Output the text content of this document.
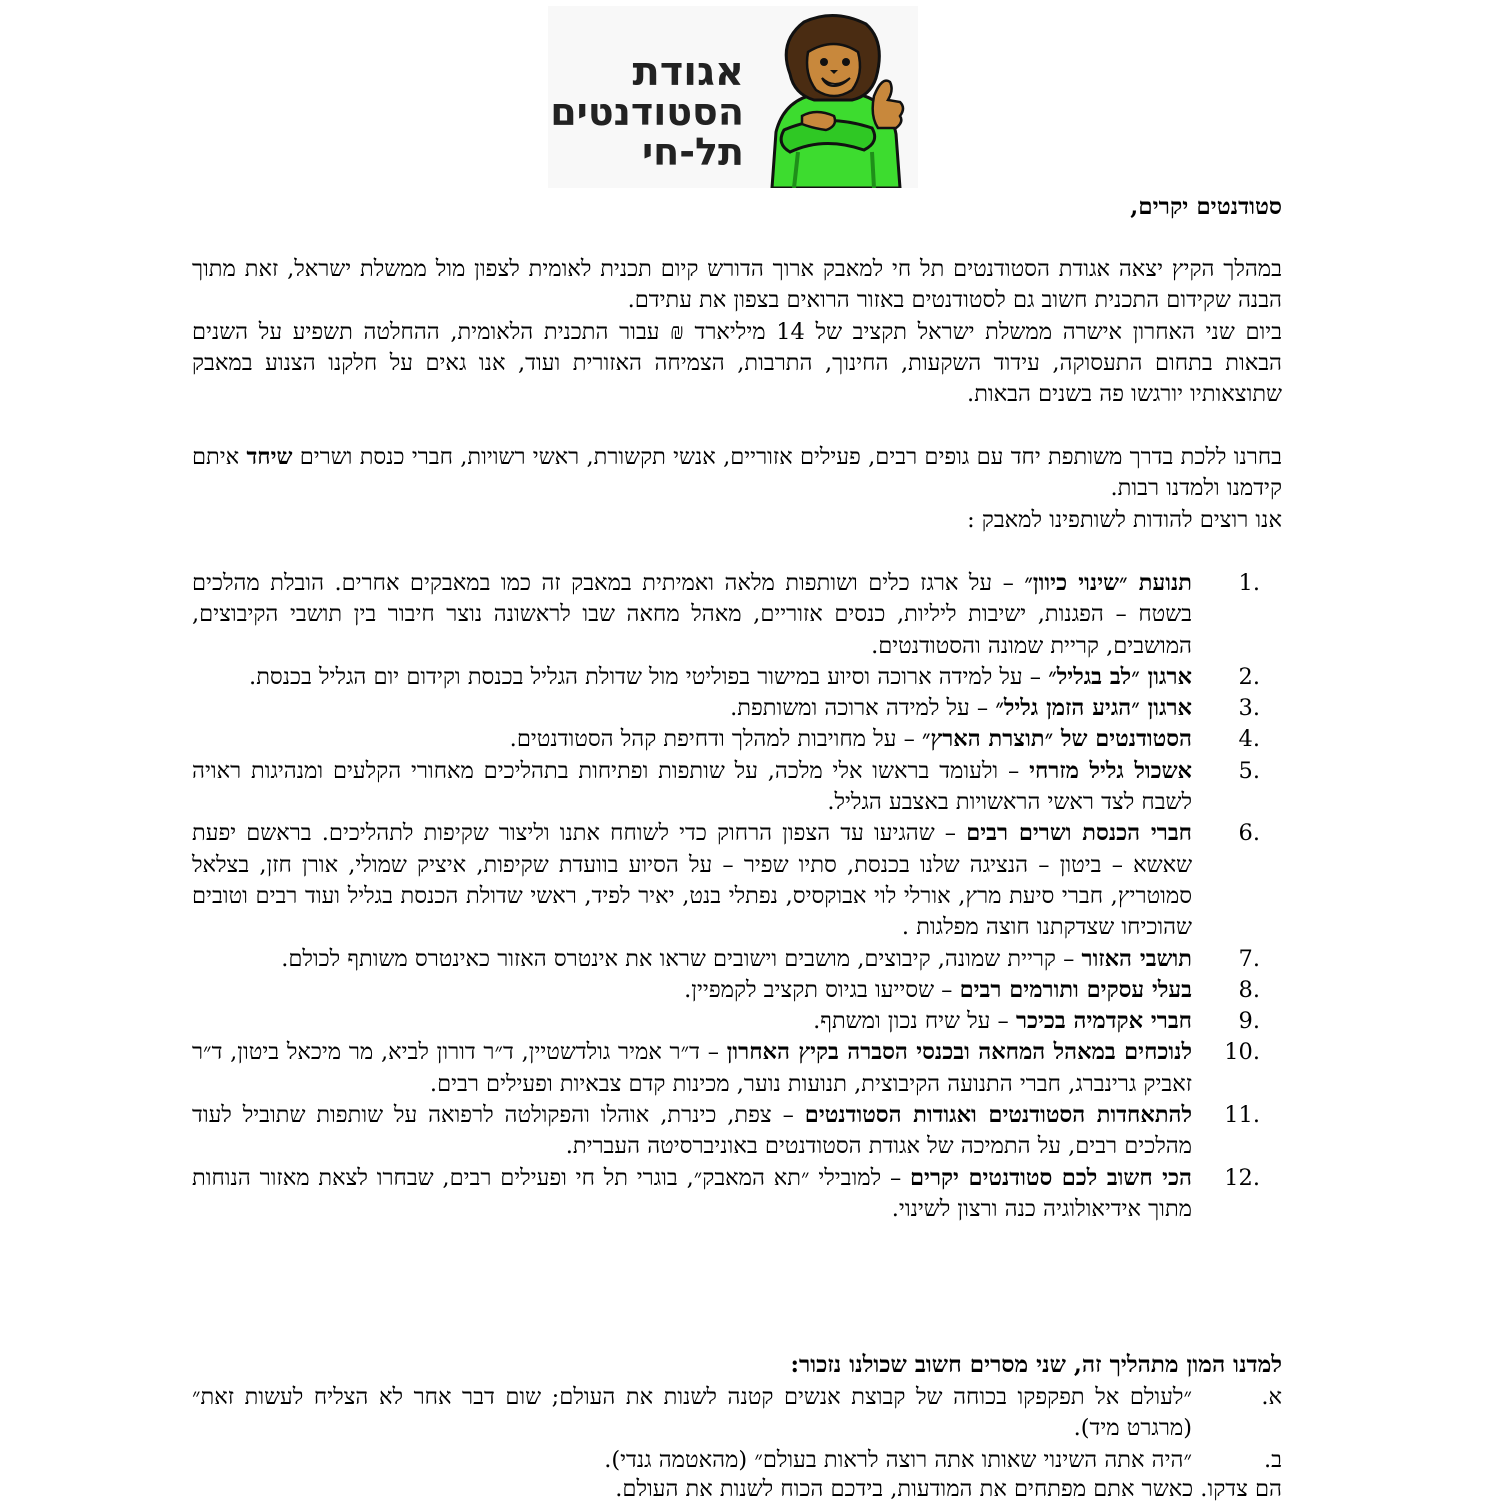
אגודת
הסטודנטים
תל-חי
סטודנטים יקרים,
במהלך הקיץ יצאה אגודת הסטודנטים תל חי למאבק ארוך הדורש קיום תכנית לאומית לצפון מול ממשלת ישראל, זאת מתוך הבנה שקידום התכנית חשוב גם לסטודנטים באזור הרואים בצפון את עתידם.
ביום שני האחרון אישרה ממשלת ישראל תקציב של 14 מיליארד ₪ עבור התכנית הלאומית, ההחלטה תשפיע על השנים הבאות בתחום התעסוקה, עידוד השקעות, החינוך, התרבות, הצמיחה האזורית ועוד, אנו גאים על חלקנו הצנוע במאבק שתוצאותיו יורגשו פה בשנים הבאות.
בחרנו ללכת בדרך משותפת יחד עם גופים רבים, פעילים אזוריים, אנשי תקשורת, ראשי רשויות, חברי כנסת ושרים שיחד איתם קידמנו ולמדנו רבות.
אנו רוצים להודות לשותפינו למאבק :
1.
תנועת ״שינוי כיוון״ – על ארגז כלים ושותפות מלאה ואמיתית במאבק זה כמו במאבקים אחרים. הובלת מהלכים בשטח – הפגנות, ישיבות ליליות, כנסים אזוריים, מאהל מחאה שבו לראשונה נוצר חיבור בין תושבי הקיבוצים, המושבים, קריית שמונה והסטודנטים.
2.
ארגון ״לב בגליל״ – על למידה ארוכה וסיוע במישור בפוליטי מול שדולת הגליל בכנסת וקידום יום הגליל בכנסת.
3.
ארגון ״הגיע הזמן גליל״ – על למידה ארוכה ומשותפת.
4.
הסטודנטים של ״תוצרת הארץ״ – על מחויבות למהלך ודחיפת קהל הסטודנטים.
5.
אשכול גליל מזרחי – ולעומד בראשו אלי מלכה, על שותפות ופתיחות בתהליכים מאחורי הקלעים ומנהיגות ראויה לשבח לצד ראשי הראשויות באצבע הגליל.
6.
חברי הכנסת ושרים רבים – שהגיעו עד הצפון הרחוק כדי לשוחח אתנו וליצור שקיפות לתהליכים. בראשם יפעת שאשא – ביטון – הנציגה שלנו בכנסת, סתיו שפיר – על הסיוע בוועדת שקיפות, איציק שמולי, אורן חזן, בצלאל סמוטריץ, חברי סיעת מרץ, אורלי לוי אבוקסיס, נפתלי בנט, יאיר לפיד, ראשי שדולת הכנסת בגליל ועוד רבים וטובים שהוכיחו שצדקתנו חוצה מפלגות .
7.
תושבי האזור – קריית שמונה, קיבוצים, מושבים וישובים שראו את אינטרס האזור כאינטרס משותף לכולם.
8.
בעלי עסקים ותורמים רבים – שסייעו בגיוס תקציב לקמפיין.
9.
חברי אקדמיה בכיכר – על שיח נכון ומשתף.
10.
לנוכחים במאהל המחאה ובכנסי הסברה בקיץ האחרון – ד״ר אמיר גולדשטיין, ד״ר דורון לביא, מר מיכאל ביטון, ד״ר זאביק גרינברג, חברי התנועה הקיבוצית, תנועות נוער, מכינות קדם צבאיות ופעילים רבים.
11.
להתאחדות הסטודנטים ואגודות הסטודנטים – צפת, כינרת, אוהלו והפקולטה לרפואה על שותפות שתוביל לעוד מהלכים רבים, על התמיכה של אגודת הסטודנטים באוניברסיטה העברית.
12.
הכי חשוב לכם סטודנטים יקרים – למובילי ״תא המאבק״, בוגרי תל חי ופעילים רבים, שבחרו לצאת מאזור הנוחות מתוך אידיאולוגיה כנה ורצון לשינוי.
למדנו המון מתהליך זה, שני מסרים חשוב שכולנו נזכור:
א.
״לעולם אל תפקפקו בכוחה של קבוצת אנשים קטנה לשנות את העולם; שום דבר אחר לא הצליח לעשות זאת״ (מרגרט מיד).
ב.
״היה אתה השינוי שאותו אתה רוצה לראות בעולם״ (מהאטמה גנדי).
הם צדקו. כאשר אתם מפתחים את המודעות, בידכם הכוח לשנות את העולם.
